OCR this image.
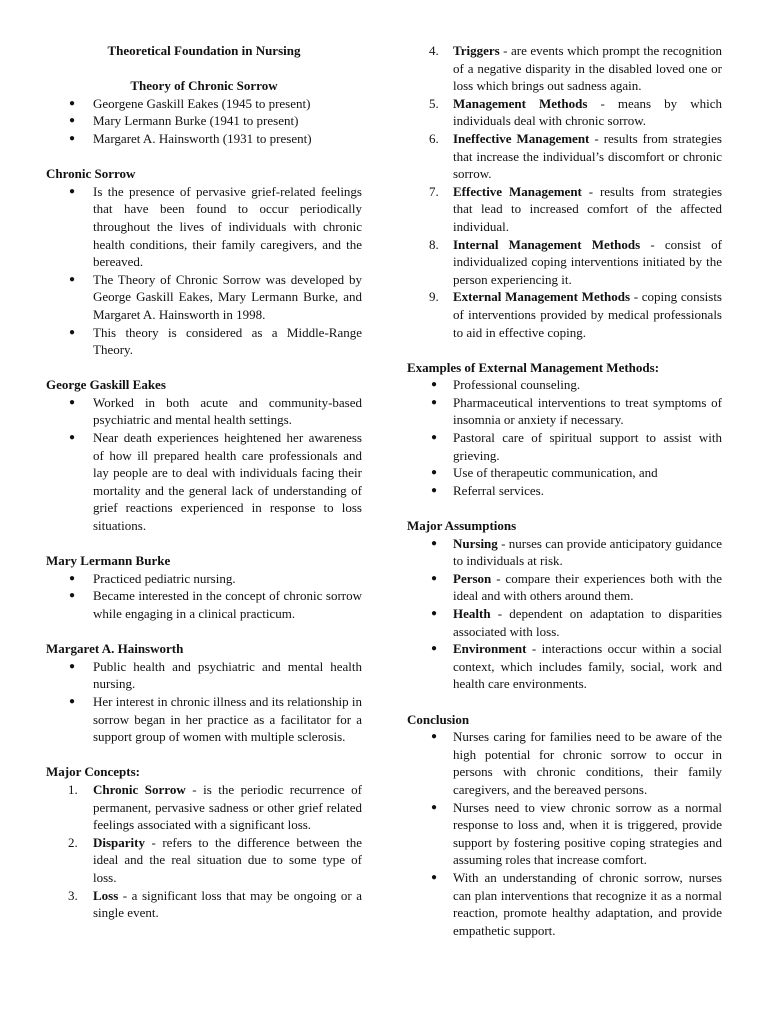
Theoretical Foundation in Nursing
Theory of Chronic Sorrow
● Georgene Gaskill Eakes (1945 to present)
● Mary Lermann Burke (1941 to present)
● Margaret A. Hainsworth (1931 to present)
Chronic Sorrow
● Is the presence of pervasive grief-related feelings that have been found to occur periodically throughout the lives of individuals with chronic health conditions, their family caregivers, and the bereaved.
● The Theory of Chronic Sorrow was developed by George Gaskill Eakes, Mary Lermann Burke, and Margaret A. Hainsworth in 1998.
● This theory is considered as a Middle-Range Theory.
George Gaskill Eakes
● Worked in both acute and community-based psychiatric and mental health settings.
● Near death experiences heightened her awareness of how ill prepared health care professionals and lay people are to deal with individuals facing their mortality and the general lack of understanding of grief reactions experienced in response to loss situations.
Mary Lermann Burke
● Practiced pediatric nursing.
● Became interested in the concept of chronic sorrow while engaging in a clinical practicum.
Margaret A. Hainsworth
● Public health and psychiatric and mental health nursing.
● Her interest in chronic illness and its relationship in sorrow began in her practice as a facilitator for a support group of women with multiple sclerosis.
Major Concepts:
1. Chronic Sorrow - is the periodic recurrence of permanent, pervasive sadness or other grief related feelings associated with a significant loss.
2. Disparity - refers to the difference between the ideal and the real situation due to some type of loss.
3. Loss - a significant loss that may be ongoing or a single event.
4. Triggers - are events which prompt the recognition of a negative disparity in the disabled loved one or loss which brings out sadness again.
5. Management Methods - means by which individuals deal with chronic sorrow.
6. Ineffective Management - results from strategies that increase the individual’s discomfort or chronic sorrow.
7. Effective Management - results from strategies that lead to increased comfort of the affected individual.
8. Internal Management Methods - consist of individualized coping interventions initiated by the person experiencing it.
9. External Management Methods - coping consists of interventions provided by medical professionals to aid in effective coping.
Examples of External Management Methods:
● Professional counseling.
● Pharmaceutical interventions to treat symptoms of insomnia or anxiety if necessary.
● Pastoral care of spiritual support to assist with grieving.
● Use of therapeutic communication, and
● Referral services.
Major Assumptions
● Nursing - nurses can provide anticipatory guidance to individuals at risk.
● Person - compare their experiences both with the ideal and with others around them.
● Health - dependent on adaptation to disparities associated with loss.
● Environment - interactions occur within a social context, which includes family, social, work and health care environments.
Conclusion
● Nurses caring for families need to be aware of the high potential for chronic sorrow to occur in persons with chronic conditions, their family caregivers, and the bereaved persons.
● Nurses need to view chronic sorrow as a normal response to loss and, when it is triggered, provide support by fostering positive coping strategies and assuming roles that increase comfort.
● With an understanding of chronic sorrow, nurses can plan interventions that recognize it as a normal reaction, promote healthy adaptation, and provide empathetic support.
